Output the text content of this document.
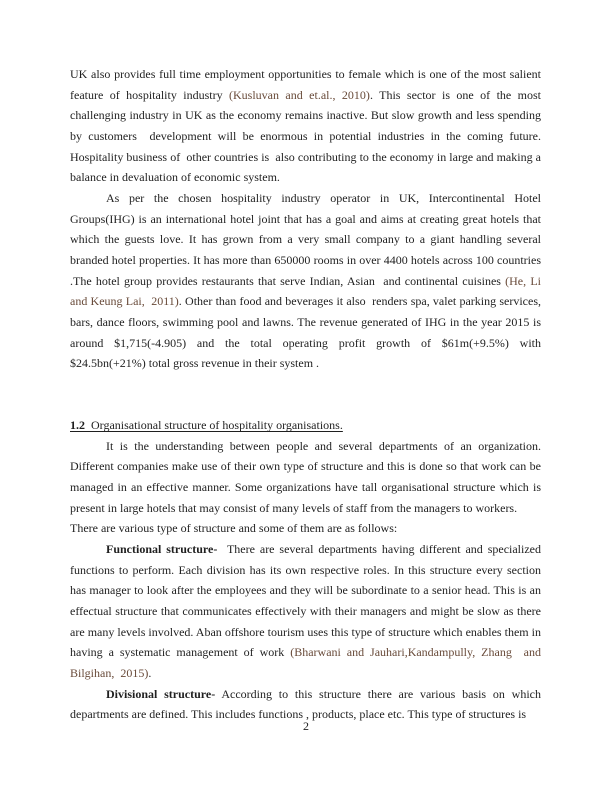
UK also provides full time employment opportunities to female which is one of the most salient feature of hospitality industry (Kusluvan and et.al., 2010). This sector is one of the most challenging industry in UK as the economy remains inactive. But slow growth and less spending by customers  development will be enormous in potential industries in the coming future. Hospitality business of  other countries is  also contributing to the economy in large and making a balance in devaluation of economic system.

As per the chosen hospitality industry operator in UK, Intercontinental Hotel Groups(IHG) is an international hotel joint that has a goal and aims at creating great hotels that which the guests love. It has grown from a very small company to a giant handling several branded hotel properties. It has more than 650000 rooms in over 4400 hotels across 100 countries .The hotel group provides restaurants that serve Indian, Asian  and continental cuisines (He, Li and Keung Lai,  2011). Other than food and beverages it also  renders spa, valet parking services, bars, dance floors, swimming pool and lawns. The revenue generated of IHG in the year 2015 is around $1,715(-4.905) and the total operating profit growth of $61m(+9.5%) with $24.5bn(+21%) total gross revenue in their system .

1.2  Organisational structure of hospitality organisations.

It is the understanding between people and several departments of an organization. Different companies make use of their own type of structure and this is done so that work can be managed in an effective manner. Some organizations have tall organisational structure which is present in large hotels that may consist of many levels of staff from the managers to workers.

There are various type of structure and some of them are as follows:

Functional structure-  There are several departments having different and specialized functions to perform. Each division has its own respective roles. In this structure every section has manager to look after the employees and they will be subordinate to a senior head. This is an effectual structure that communicates effectively with their managers and might be slow as there are many levels involved. Aban offshore tourism uses this type of structure which enables them in having a systematic management of work (Bharwani and Jauhari,Kandampully, Zhang  and Bilgihan,  2015).

Divisional structure- According to this structure there are various basis on which departments are defined. This includes functions , products, place etc. This type of structures is

2
